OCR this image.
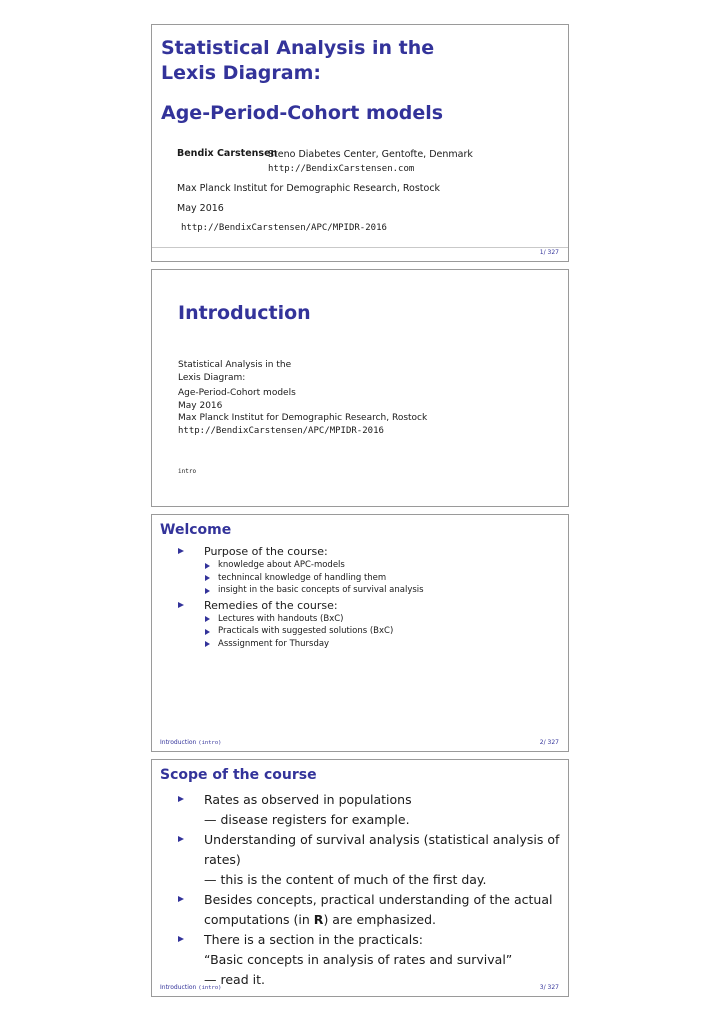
Statistical Analysis in the
Lexis Diagram:
Age-Period-Cohort models
Bendix Carstensen
Steno Diabetes Center, Gentofte, Denmark
http://BendixCarstensen.com
Max Planck Institut for Demographic Research, Rostock
May 2016
http://BendixCarstensen/APC/MPIDR-2016
1/ 327
Introduction
Statistical Analysis in the
Lexis Diagram:
Age-Period-Cohort models
May 2016
Max Planck Institut for Demographic Research, Rostock
http://BendixCarstensen/APC/MPIDR-2016
intro
Welcome
Purpose of the course:
knowledge about APC-models
technincal knowledge of handling them
insight in the basic concepts of survival analysis
Remedies of the course:
Lectures with handouts (BxC)
Practicals with suggested solutions (BxC)
Asssignment for Thursday
Introduction (intro)	2/ 327
Scope of the course
Rates as observed in populations
— disease registers for example.
Understanding of survival analysis (statistical analysis of rates)
— this is the content of much of the first day.
Besides concepts, practical understanding of the actual
computations (in R) are emphasized.
There is a section in the practicals:
“Basic concepts in analysis of rates and survival”
— read it.
Introduction (intro)	3/ 327
